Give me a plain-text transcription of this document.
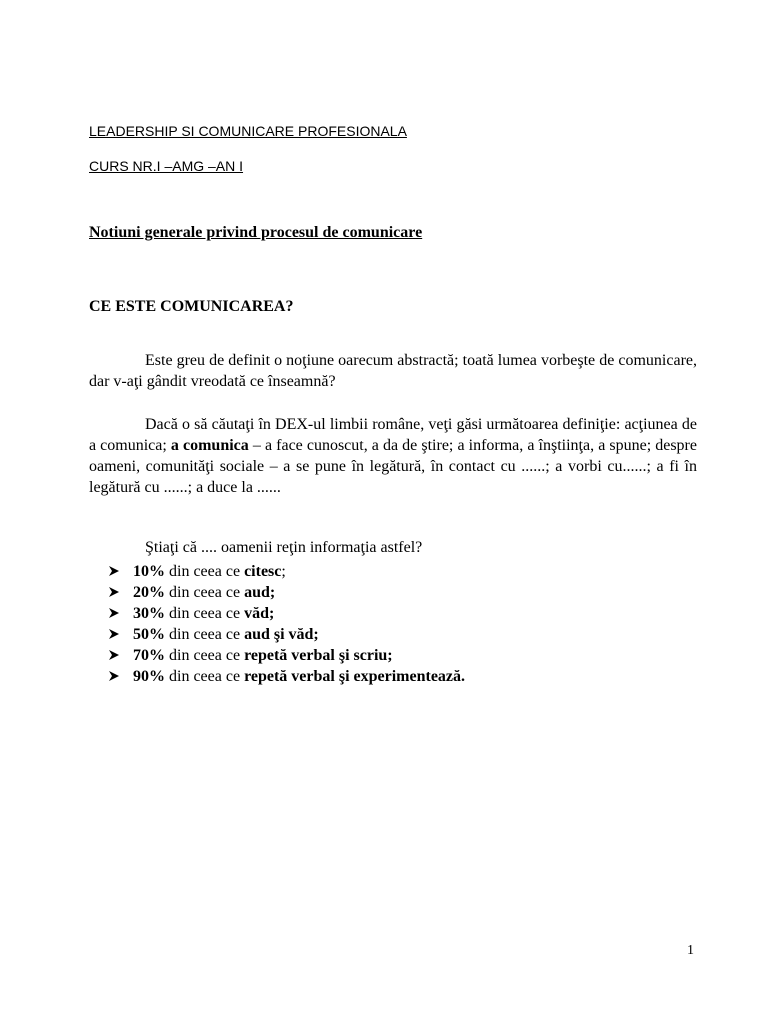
LEADERSHIP SI COMUNICARE PROFESIONALA
CURS NR.I –AMG –AN I
Notiuni generale privind procesul de comunicare
CE ESTE COMUNICAREA?

Este greu de definit o noţiune oarecum abstractă; toată lumea vorbeşte de comunicare, dar v-aţi gândit vreodată ce înseamnă?

Dacă o să căutaţi în DEX-ul limbii române, veţi găsi următoarea definiţie: acţiunea de a comunica; a comunica – a face cunoscut, a da de ştire; a informa, a înştiinţa, a spune; despre oameni, comunităţi sociale – a se pune în legătură, în contact cu ......; a vorbi cu......; a fi în legătură cu ......; a duce la ......

Ştiaţi că .... oamenii reţin informaţia astfel?
10% din ceea ce citesc;
20% din ceea ce aud;
30% din ceea ce văd;
50% din ceea ce aud şi văd;
70% din ceea ce repetă verbal şi scriu;
90% din ceea ce repetă verbal şi experimentează.
1
